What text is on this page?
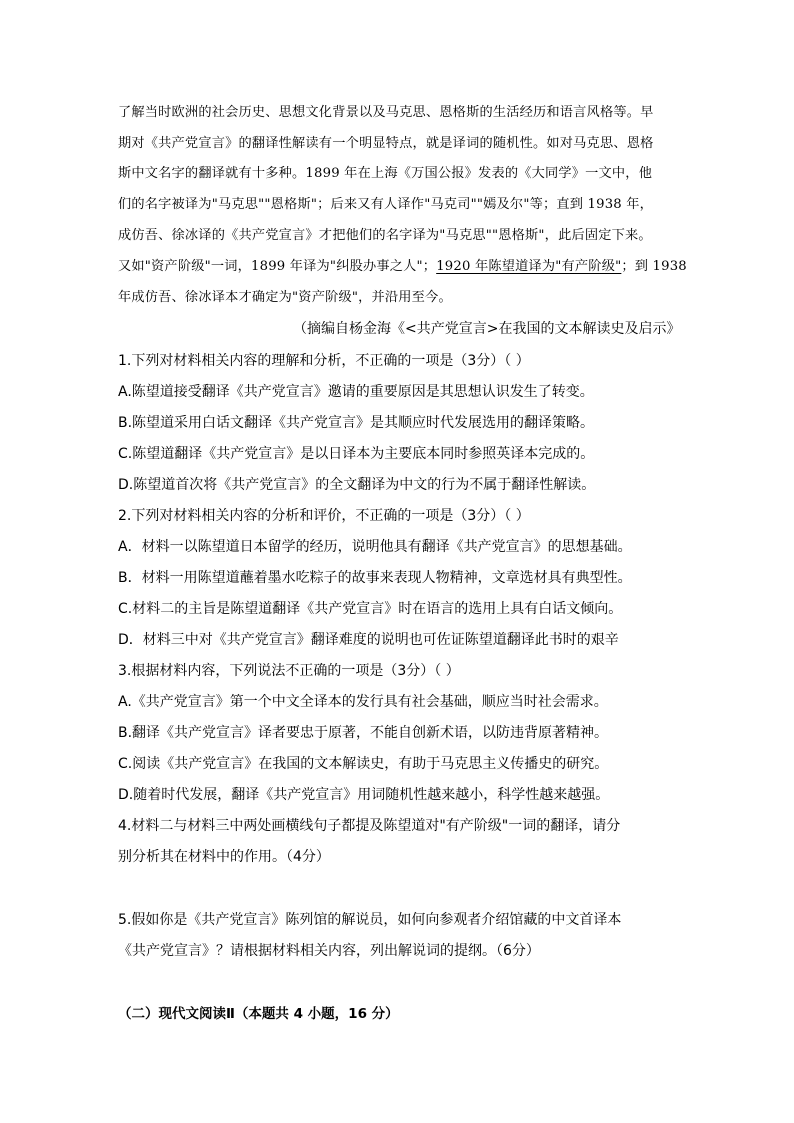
了解当时欧洲的社会历史、思想文化背景以及马克思、恩格斯的生活经历和语言风格等。早
期对《共产党宣言》的翻译性解读有一个明显特点，就是译词的随机性。如对马克思、恩格
斯中文名字的翻译就有十多种。1899 年在上海《万国公报》发表的《大同学》一文中，他
们的名字被译为"马克思""恩格斯"；后来又有人译作"马克司""嫣及尔"等；直到 1938 年，
成仿吾、徐冰译的《共产党宣言》才把他们的名字译为"马克思""恩格斯"，此后固定下来。
又如"资产阶级"一词，1899 年译为"纠股办事之人"；1920 年陈望道译为"有产阶级"；到 1938
年成仿吾、徐冰译本才确定为"资产阶级"，并沿用至今。
（摘编自杨金海《<共产党宣言>在我国的文本解读史及启示》
1.下列对材料相关内容的理解和分析，不正确的一项是（3分）（ ）
A.陈望道接受翻译《共产党宣言》邀请的重要原因是其思想认识发生了转变。
B.陈望道采用白话文翻译《共产党宣言》是其顺应时代发展选用的翻译策略。
C.陈望道翻译《共产党宣言》是以日译本为主要底本同时参照英译本完成的。
D.陈望道首次将《共产党宣言》的全文翻译为中文的行为不属于翻译性解读。
2.下列对材料相关内容的分析和评价，不正确的一项是（3分）（ ）
A．材料一以陈望道日本留学的经历，说明他具有翻译《共产党宣言》的思想基础。
B．材料一用陈望道蘸着墨水吃粽子的故事来表现人物精神，文章选材具有典型性。
C.材料二的主旨是陈望道翻译《共产党宣言》时在语言的选用上具有白话文倾向。
D．材料三中对《共产党宣言》翻译难度的说明也可佐证陈望道翻译此书时的艰辛
3.根据材料内容，下列说法不正确的一项是（3分）（ ）
A.《共产党宣言》第一个中文全译本的发行具有社会基础，顺应当时社会需求。
B.翻译《共产党宣言》译者要忠于原著，不能自创新术语，以防违背原著精神。
C.阅读《共产党宣言》在我国的文本解读史，有助于马克思主义传播史的研究。
D.随着时代发展，翻译《共产党宣言》用词随机性越来越小，科学性越来越强。
4.材料二与材料三中两处画横线句子都提及陈望道对"有产阶级"一词的翻译，请分
别分析其在材料中的作用。（4分）
5.假如你是《共产党宣言》陈列馆的解说员，如何向参观者介绍馆藏的中文首译本
《共产党宣言》？请根据材料相关内容，列出解说词的提纲。（6分）
（二）现代文阅读Ⅱ（本题共 4 小题，16 分）
